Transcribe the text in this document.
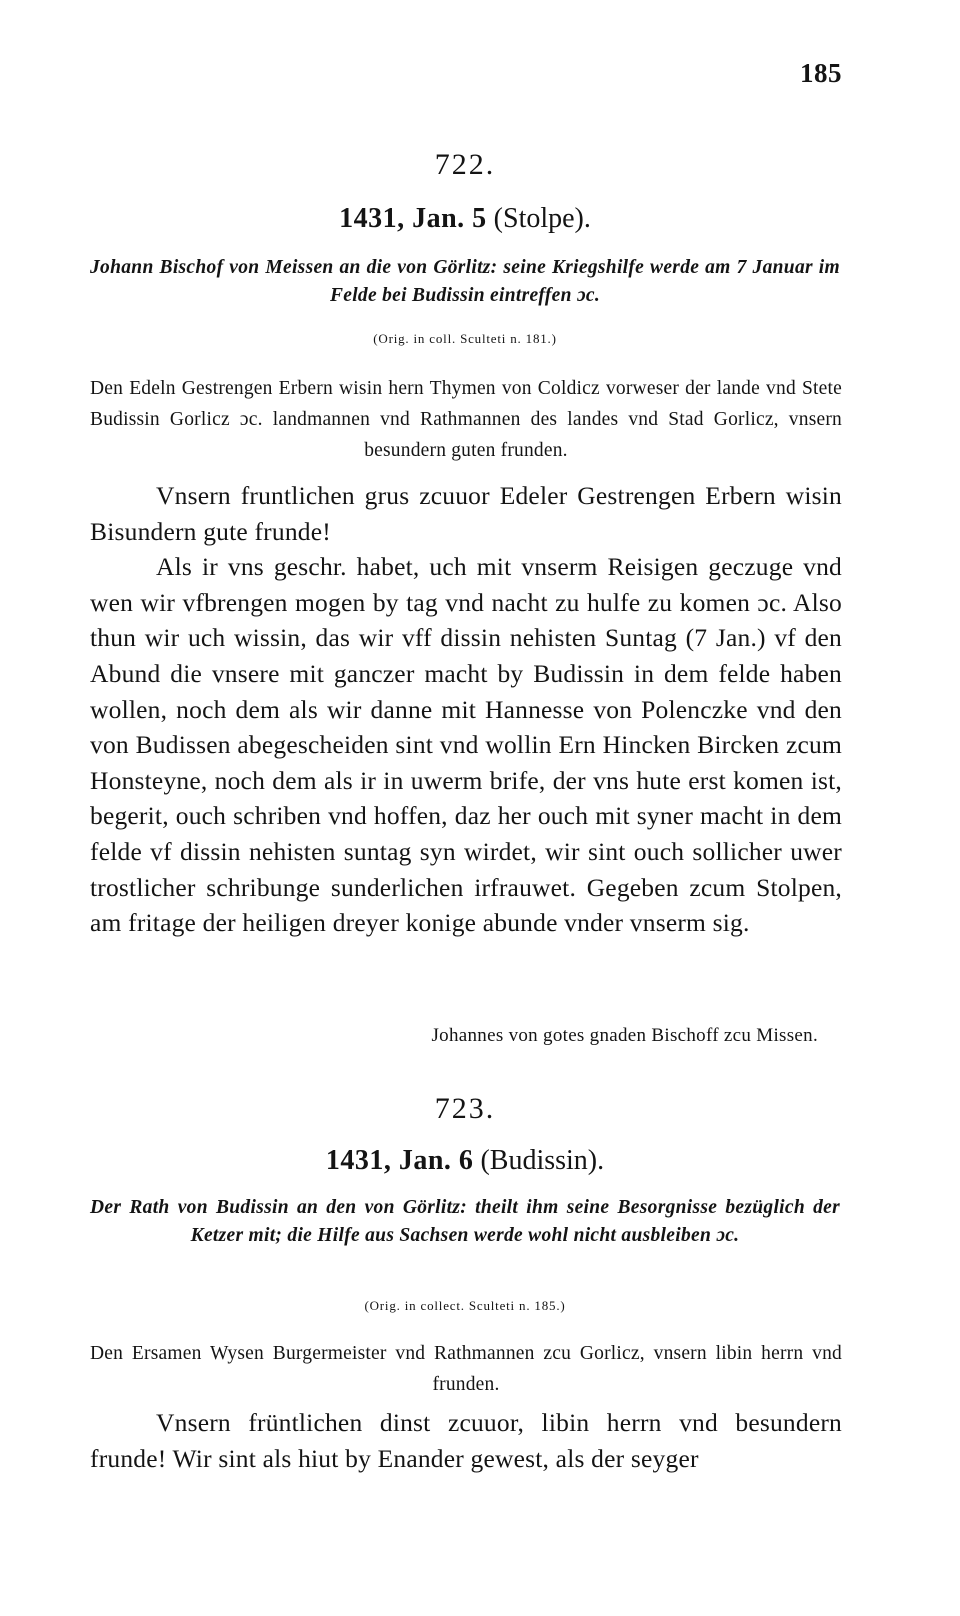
185
722.
1431, Jan. 5 (Stolpe).
Johann Bischof von Meissen an die von Görlitz: seine Kriegshilfe werde am 7 Januar im Felde bei Budissin eintreffen ɔc.
(Orig. in coll. Sculteti n. 181.)
Den Edeln Gestrengen Erbern wisin hern Thymen von Coldicz vorweser der lande vnd Stete Budissin Gorlicz ɔc. landmannen vnd Rathmannen des landes vnd Stad Gorlicz, vnsern besundern guten frunden.

Vnsern fruntlichen grus zcuuor Edeler Gestrengen Erbern wisin Bisundern gute frunde!

Als ir vns geschr. habet, uch mit vnserm Reisigen geczuge vnd wen wir vfbrengen mogen by tag vnd nacht zu hulfe zu komen ɔc. Also thun wir uch wissin, das wir vff dissin nehisten Suntag (7 Jan.) vf den Abund die vnsere mit ganczer macht by Budissin in dem felde haben wollen, noch dem als wir danne mit Hannesse von Polenczke vnd den von Budissen abegescheiden sint vnd wollin Ern Hincken Bircken zcum Honsteyne, noch dem als ir in uwerm brife, der vns hute erst komen ist, begerit, ouch schriben vnd hoffen, daz her ouch mit syner macht in dem felde vf dissin nehisten suntag syn wirdet, wir sint ouch sollicher uwer trostlicher schribunge sunderlichen irfrauwet. Gegeben zcum Stolpen, am fritage der heiligen dreyer konige abunde vnder vnserm sig.

Johannes von gotes gnaden Bischoff zcu Missen.
723.
1431, Jan. 6 (Budissin).
Der Rath von Budissin an den von Görlitz: theilt ihm seine Besorgnisse bezüglich der Ketzer mit; die Hilfe aus Sachsen werde wohl nicht ausbleiben ɔc.
(Orig. in collect. Sculteti n. 185.)
Den Ersamen Wysen Burgermeister vnd Rathmannen zcu Gorlicz, vnsern libin herrn vnd frunden.

Vnsern früntlichen dinst zcuuor, libin herrn vnd besundern frunde! Wir sint als hiut by Enander gewest, als der seyger
